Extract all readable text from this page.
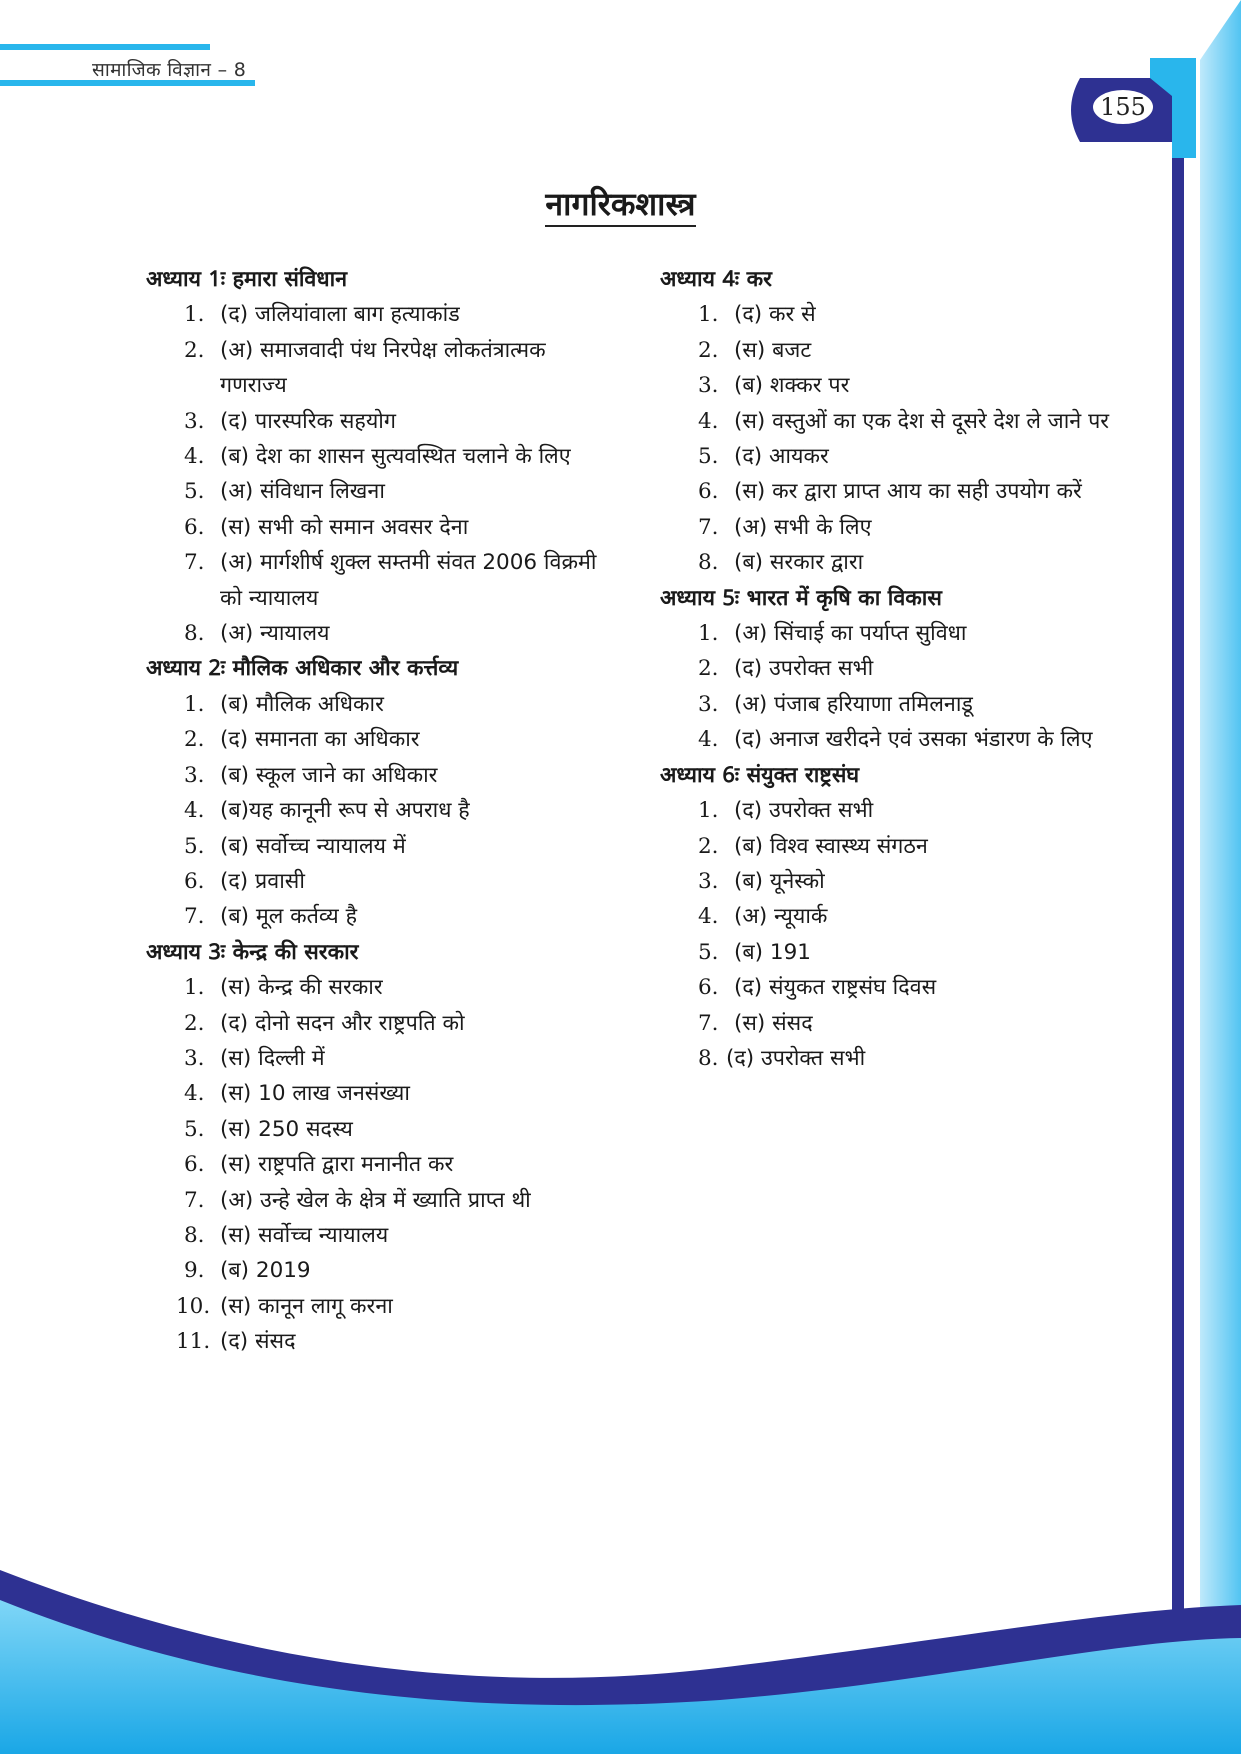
सामाजिक विज्ञान – 8
155
नागरिकशास्त्र
अध्याय 1ः हमारा संविधान
1. (द) जलियांवाला बाग हत्याकांड
2. (अ) समाजवादी पंथ निरपेक्ष लोकतंत्रात्मक गणराज्य
3. (द) पारस्परिक सहयोग
4. (ब) देश का शासन सुत्यवस्थित चलाने के लिए
5. (अ) संविधान लिखना
6. (स) सभी को समान अवसर देना
7. (अ) मार्गशीर्ष शुक्ल सम्तमी संवत 2006 विक्रमी को न्यायालय
8. (अ) न्यायालय
अध्याय 2ः मौलिक अधिकार और कर्त्तव्य
1. (ब) मौलिक अधिकार
2. (द) समानता का अधिकार
3. (ब) स्कूल जाने का अधिकार
4. (ब)यह कानूनी रूप से अपराध है
5. (ब) सर्वोच्च न्यायालय में
6. (द) प्रवासी
7. (ब) मूल कर्तव्य है
अध्याय 3ः केन्द्र की सरकार
1. (स) केन्द्र की सरकार
2. (द) दोनो सदन और राष्ट्रपति को
3. (स) दिल्ली में
4. (स) 10 लाख जनसंख्या
5. (स) 250 सदस्य
6. (स) राष्ट्रपति द्वारा मनानीत कर
7. (अ) उन्हे खेल के क्षेत्र में ख्याति प्राप्त थी
8. (स) सर्वोच्च न्यायालय
9. (ब) 2019
10. (स) कानून लागू करना
11. (द) संसद
अध्याय 4ः कर
1. (द) कर से
2. (स) बजट
3. (ब) शक्कर पर
4. (स) वस्तुओं का एक देश से दूसरे देश ले जाने पर
5. (द) आयकर
6. (स) कर द्वारा प्राप्त आय का सही उपयोग करें
7. (अ) सभी के लिए
8. (ब) सरकार द्वारा
अध्याय 5ः भारत में कृषि का विकास
1. (अ) सिंचाई का पर्याप्त सुविधा
2. (द) उपरोक्त सभी
3. (अ) पंजाब हरियाणा तमिलनाडू
4. (द) अनाज खरीदने एवं उसका भंडारण के लिए
अध्याय 6ः संयुक्त राष्ट्रसंघ
1. (द) उपरोक्त सभी
2. (ब) विश्व स्वास्थ्य संगठन
3. (ब) यूनेस्को
4. (अ) न्यूयार्क
5. (ब) 191
6. (द) संयुकत राष्ट्रसंघ दिवस
7. (स) संसद
8. (द) उपरोक्त सभी
